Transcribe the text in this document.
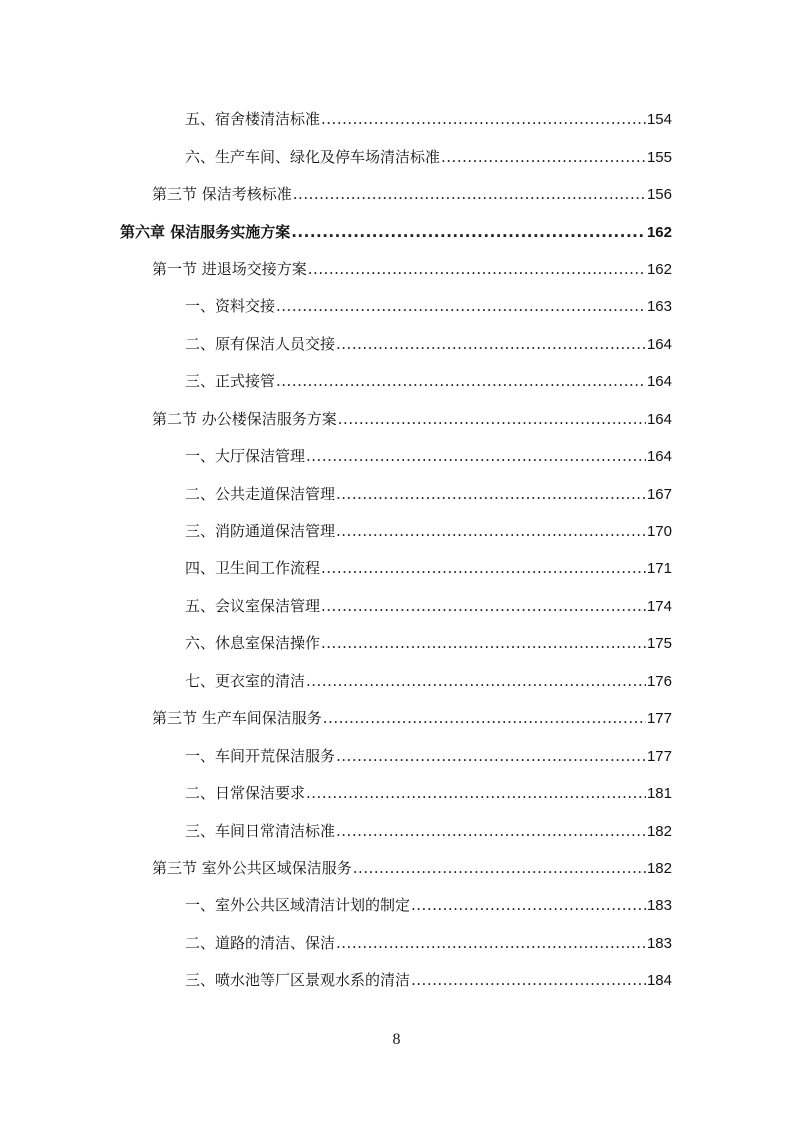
五、宿舍楼清洁标准 .....	154
六、生产车间、绿化及停车场清洁标准 .....	155
第三节 保洁考核标准 .....	156
第六章 保洁服务实施方案 .....	162
第一节 进退场交接方案 .....	162
一、资料交接 .....	163
二、原有保洁人员交接 .....	164
三、正式接管 .....	164
第二节 办公楼保洁服务方案 .....	164
一、大厅保洁管理 .....	164
二、公共走道保洁管理 .....	167
三、消防通道保洁管理 .....	170
四、卫生间工作流程 .....	171
五、会议室保洁管理 .....	174
六、休息室保洁操作 .....	175
七、更衣室的清洁 .....	176
第三节 生产车间保洁服务 .....	177
一、车间开荒保洁服务 .....	177
二、日常保洁要求 .....	181
三、车间日常清洁标准 .....	182
第三节 室外公共区域保洁服务 .....	182
一、室外公共区域清洁计划的制定 .....	183
二、道路的清洁、保洁 .....	183
三、喷水池等厂区景观水系的清洁 .....	184
8
